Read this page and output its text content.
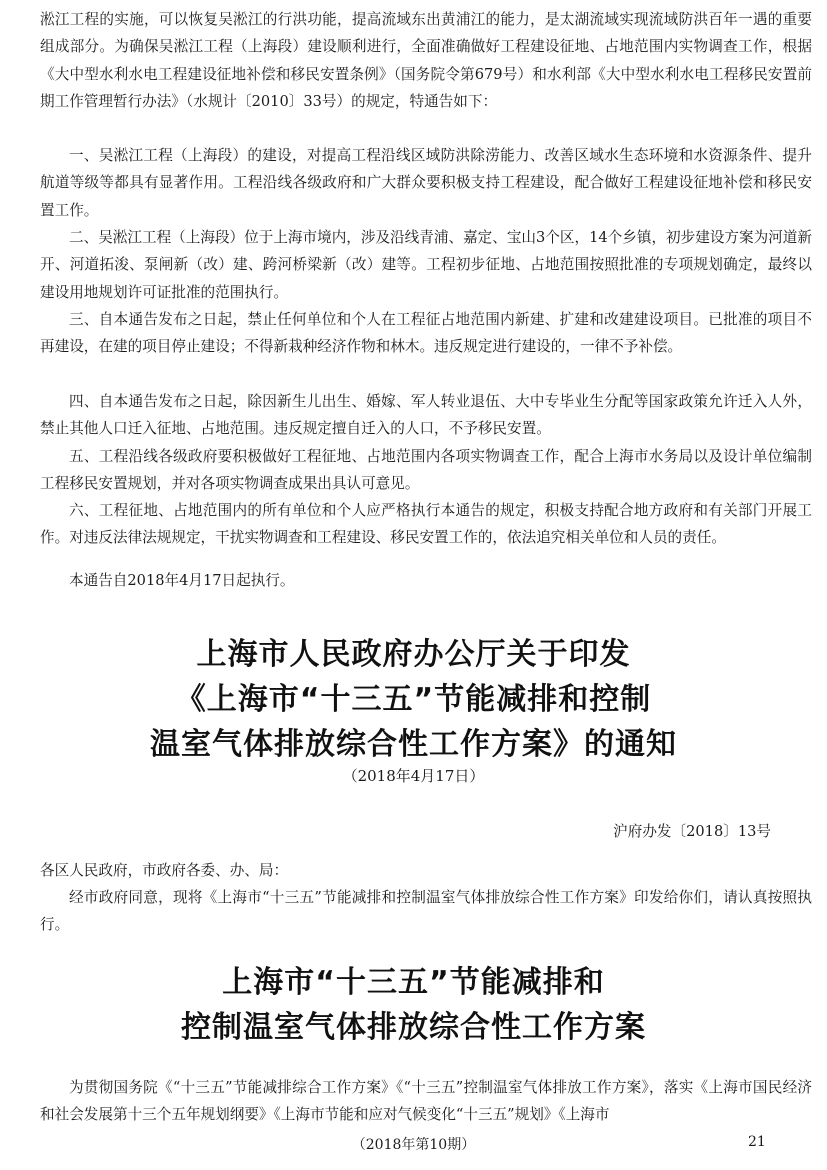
淞江工程的实施，可以恢复吴淞江的行洪功能，提高流域东出黄浦江的能力，是太湖流域实现流域防洪百年一遇的重要组成部分。为确保吴淞江工程（上海段）建设顺利进行，全面准确做好工程建设征地、占地范围内实物调查工作，根据《大中型水利水电工程建设征地补偿和移民安置条例》（国务院令第679号）和水利部《大中型水利水电工程移民安置前期工作管理暂行办法》（水规计〔2010〕33号）的规定，特通告如下：

一、吴淞江工程（上海段）的建设，对提高工程沿线区域防洪除涝能力、改善区域水生态环境和水资源条件、提升航道等级等都具有显著作用。工程沿线各级政府和广大群众要积极支持工程建设，配合做好工程建设征地补偿和移民安置工作。

二、吴淞江工程（上海段）位于上海市境内，涉及沿线青浦、嘉定、宝山3个区，14个乡镇，初步建设方案为河道新开、河道拓浚、泵闸新（改）建、跨河桥梁新（改）建等。工程初步征地、占地范围按照批准的专项规划确定，最终以建设用地规划许可证批准的范围执行。

三、自本通告发布之日起，禁止任何单位和个人在工程征占地范围内新建、扩建和改建建设项目。已批准的项目不再建设，在建的项目停止建设；不得新栽种经济作物和林木。违反规定进行建设的，一律不予补偿。

四、自本通告发布之日起，除因新生儿出生、婚嫁、军人转业退伍、大中专毕业生分配等国家政策允许迁入人外，禁止其他人口迁入征地、占地范围。违反规定擅自迁入的人口，不予移民安置。

五、工程沿线各级政府要积极做好工程征地、占地范围内各项实物调查工作，配合上海市水务局以及设计单位编制工程移民安置规划，并对各项实物调查成果出具认可意见。

六、工程征地、占地范围内的所有单位和个人应严格执行本通告的规定，积极支持配合地方政府和有关部门开展工作。对违反法律法规规定，干扰实物调查和工程建设、移民安置工作的，依法追究相关单位和人员的责任。

本通告自2018年4月17日起执行。

上海市人民政府办公厅关于印发

《上海市“十三五”节能减排和控制

温室气体排放综合性工作方案》的通知

（2018年4月17日）

沪府办发〔2018〕13号

各区人民政府，市政府各委、办、局：

经市政府同意，现将《上海市“十三五”节能减排和控制温室气体排放综合性工作方案》印发给你们，请认真按照执行。

上海市“十三五”节能减排和

控制温室气体排放综合性工作方案

为贯彻国务院《“十三五”节能减排综合工作方案》《“十三五”控制温室气体排放工作方案》，落实《上海市国民经济和社会发展第十三个五年规划纲要》《上海市节能和应对气候变化“十三五”规划》《上海市

（2018年第10期）	21
